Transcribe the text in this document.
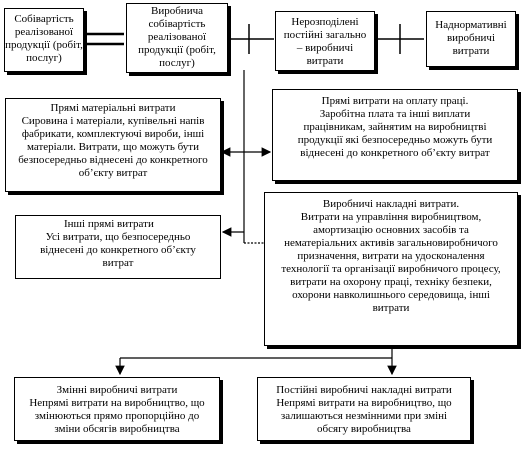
Собівартість
реалізованої
продукції (робіт,
послуг)
Виробнича
собівартість
реалізованої
продукції (робіт,
послуг)
Нерозподілені
постійні загально
– виробничі
витрати
Наднормативні
виробничі
витрати
Прямі матеріальні витрати
Сировина і матеріали, купівельні напів
фабрикати, комплектуючі вироби, інші
матеріали. Витрати, що можуть бути
безпосередньо віднесені до конкретного
об’єкту витрат
Прямі витрати на оплату праці.
Заробітна плата та інші виплати
працівникам, зайнятим на виробництві
продукції які безпосередньо можуть бути
віднесені до конкретного об’єкту витрат
Інші прямі витрати
Усі витрати, що безпосередньо
віднесені до конкретного об’єкту
витрат
Виробничі накладні витрати.
Витрати на управління виробництвом,
амортизацію основних засобів та
нематеріальних активів загальновиробничого
призначення, витрати на удосконалення
технології та організації виробничого процесу,
витрати на охорону праці, техніку безпеки,
охорони навколишнього середовища, інші
витрати
Змінні виробничі витрати
Непрямі витрати на виробництво, що
змінюються прямо пропорційно до
зміни обсягів виробництва
Постійні виробничі накладні витрати
Непрямі витрати на виробництво, що
залишаються незмінними при зміні
обсягу виробництва
